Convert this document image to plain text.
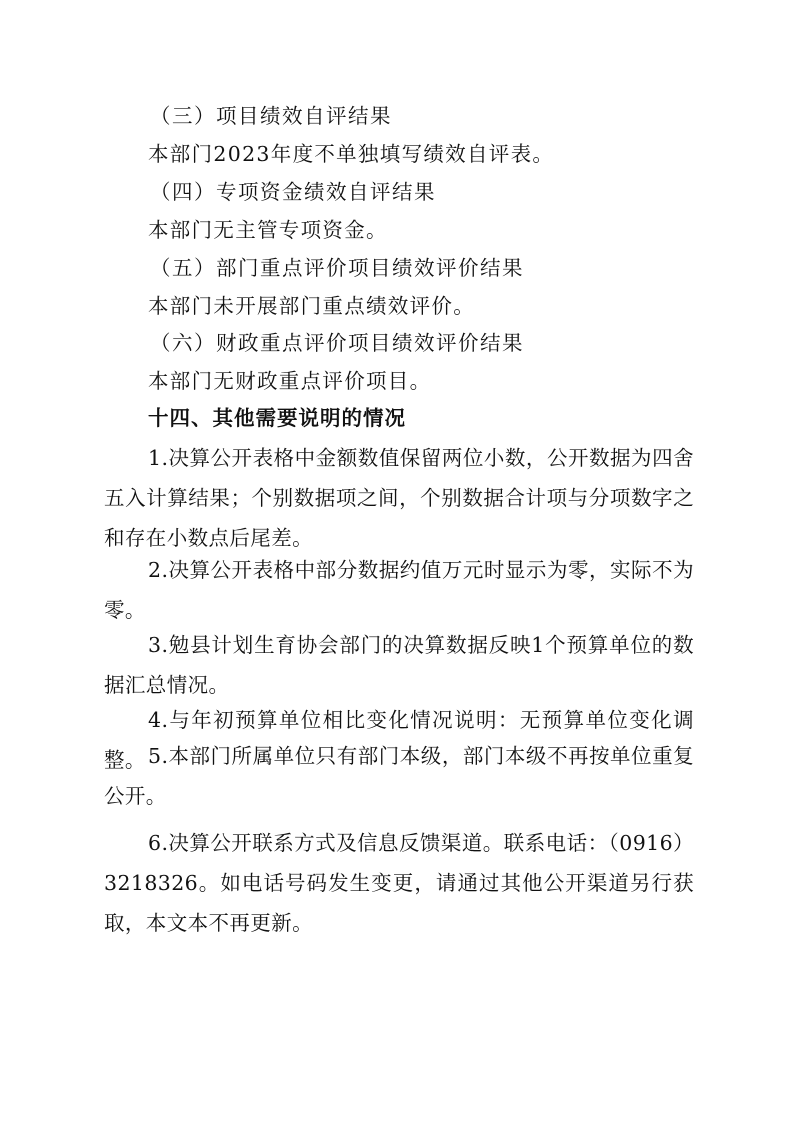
（三）项目绩效自评结果

本部门2023年度不单独填写绩效自评表。

（四）专项资金绩效自评结果

本部门无主管专项资金。

（五）部门重点评价项目绩效评价结果

本部门未开展部门重点绩效评价。

（六）财政重点评价项目绩效评价结果

本部门无财政重点评价项目。

十四、其他需要说明的情况

1.决算公开表格中金额数值保留两位小数，公开数据为四舍五入计算结果；个别数据项之间，个别数据合计项与分项数字之和存在小数点后尾差。

2.决算公开表格中部分数据约值万元时显示为零，实际不为零。

3.勉县计划生育协会部门的决算数据反映1个预算单位的数据汇总情况。

4.与年初预算单位相比变化情况说明：无预算单位变化调整。 5.本部门所属单位只有部门本级，部门本级不再按单位重复公开。

6.决算公开联系方式及信息反馈渠道。联系电话：（0916）3218326。如电话号码发生变更，请通过其他公开渠道另行获取，本文本不再更新。
